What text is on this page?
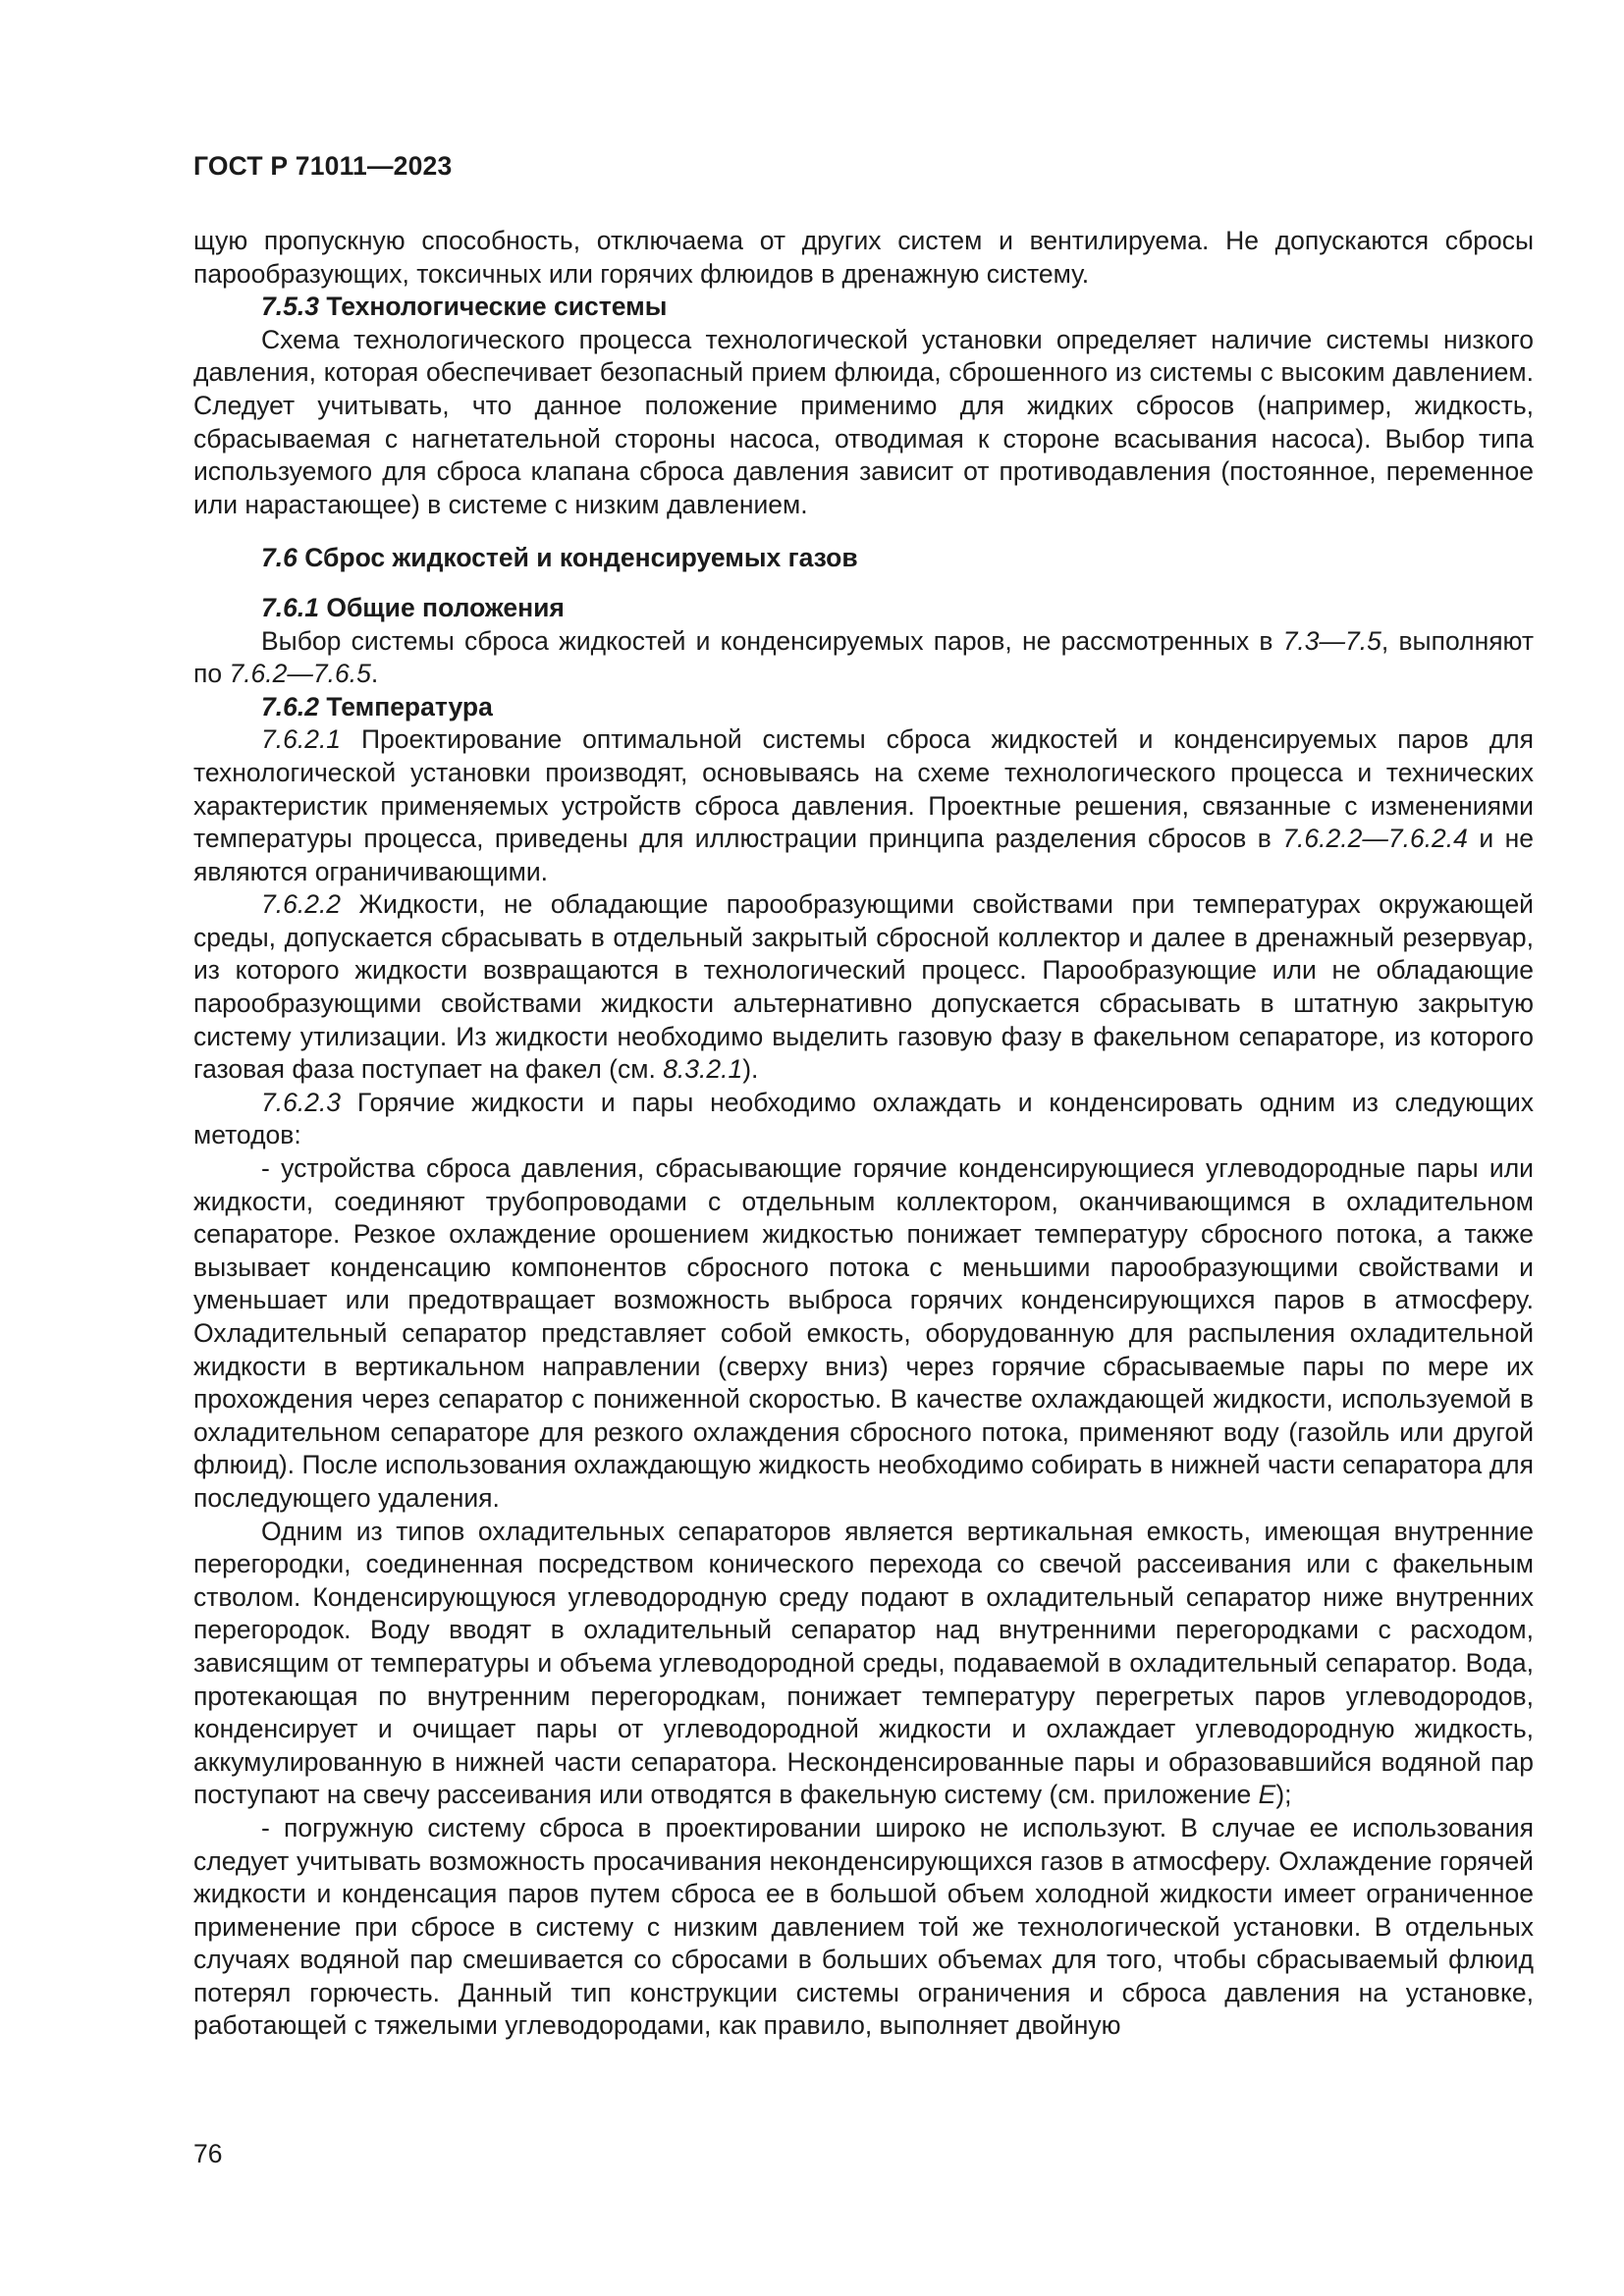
ГОСТ Р 71011—2023

щую пропускную способность, отключаема от других систем и вентилируема. Не допускаются сбросы парообразующих, токсичных или горячих флюидов в дренажную систему.

7.5.3 Технологические системы

Схема технологического процесса технологической установки определяет наличие системы низкого давления, которая обеспечивает безопасный прием флюида, сброшенного из системы с высоким давлением. Следует учитывать, что данное положение применимо для жидких сбросов (например, жидкость, сбрасываемая с нагнетательной стороны насоса, отводимая к стороне всасывания насоса). Выбор типа используемого для сброса клапана сброса давления зависит от противодавления (постоянное, переменное или нарастающее) в системе с низким давлением.

7.6 Сброс жидкостей и конденсируемых газов

7.6.1 Общие положения

Выбор системы сброса жидкостей и конденсируемых паров, не рассмотренных в 7.3—7.5, выполняют по 7.6.2—7.6.5.

7.6.2 Температура

7.6.2.1 Проектирование оптимальной системы сброса жидкостей и конденсируемых паров для технологической установки производят, основываясь на схеме технологического процесса и технических характеристик применяемых устройств сброса давления. Проектные решения, связанные с изменениями температуры процесса, приведены для иллюстрации принципа разделения сбросов в 7.6.2.2—7.6.2.4 и не являются ограничивающими.

7.6.2.2 Жидкости, не обладающие парообразующими свойствами при температурах окружающей среды, допускается сбрасывать в отдельный закрытый сбросной коллектор и далее в дренажный резервуар, из которого жидкости возвращаются в технологический процесс. Парообразующие или не обладающие парообразующими свойствами жидкости альтернативно допускается сбрасывать в штатную закрытую систему утилизации. Из жидкости необходимо выделить газовую фазу в факельном сепараторе, из которого газовая фаза поступает на факел (см. 8.3.2.1).

7.6.2.3 Горячие жидкости и пары необходимо охлаждать и конденсировать одним из следующих методов:

- устройства сброса давления, сбрасывающие горячие конденсирующиеся углеводородные пары или жидкости, соединяют трубопроводами с отдельным коллектором, оканчивающимся в охладительном сепараторе. Резкое охлаждение орошением жидкостью понижает температуру сбросного потока, а также вызывает конденсацию компонентов сбросного потока с меньшими парообразующими свойствами и уменьшает или предотвращает возможность выброса горячих конденсирующихся паров в атмосферу. Охладительный сепаратор представляет собой емкость, оборудованную для распыления охладительной жидкости в вертикальном направлении (сверху вниз) через горячие сбрасываемые пары по мере их прохождения через сепаратор с пониженной скоростью. В качестве охлаждающей жидкости, используемой в охладительном сепараторе для резкого охлаждения сбросного потока, применяют воду (газойль или другой флюид). После использования охлаждающую жидкость необходимо собирать в нижней части сепаратора для последующего удаления.

Одним из типов охладительных сепараторов является вертикальная емкость, имеющая внутренние перегородки, соединенная посредством конического перехода со свечой рассеивания или с факельным стволом. Конденсирующуюся углеводородную среду подают в охладительный сепаратор ниже внутренних перегородок. Воду вводят в охладительный сепаратор над внутренними перегородками с расходом, зависящим от температуры и объема углеводородной среды, подаваемой в охладительный сепаратор. Вода, протекающая по внутренним перегородкам, понижает температуру перегретых паров углеводородов, конденсирует и очищает пары от углеводородной жидкости и охлаждает углеводородную жидкость, аккумулированную в нижней части сепаратора. Несконденсированные пары и образовавшийся водяной пар поступают на свечу рассеивания или отводятся в факельную систему (см. приложение Е);

- погружную систему сброса в проектировании широко не используют. В случае ее использования следует учитывать возможность просачивания неконденсирующихся газов в атмосферу. Охлаждение горячей жидкости и конденсация паров путем сброса ее в большой объем холодной жидкости имеет ограниченное применение при сбросе в систему с низким давлением той же технологической установки. В отдельных случаях водяной пар смешивается со сбросами в больших объемах для того, чтобы сбрасываемый флюид потерял горючесть. Данный тип конструкции системы ограничения и сброса давления на установке, работающей с тяжелыми углеводородами, как правило, выполняет двойную

76
